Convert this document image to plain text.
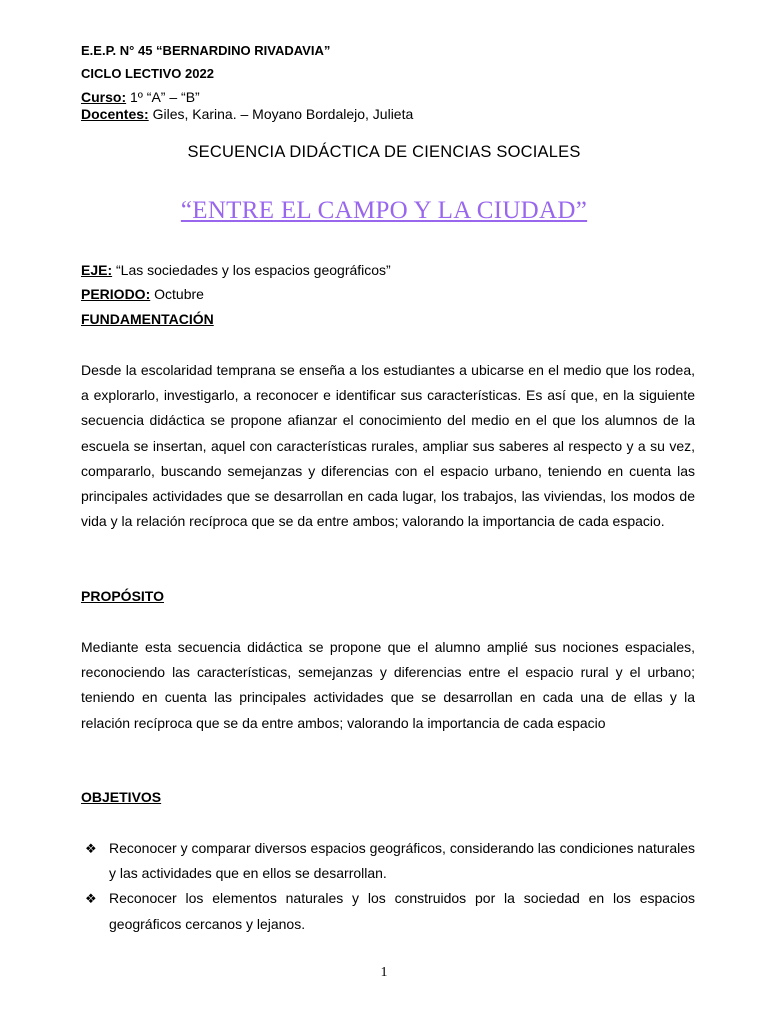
E.E.P. N° 45 “BERNARDINO RIVADAVIA”
CICLO LECTIVO 2022
Curso: 1º “A” – “B”
Docentes: Giles, Karina. – Moyano Bordalejo, Julieta
SECUENCIA DIDÁCTICA DE CIENCIAS SOCIALES
“ENTRE EL CAMPO Y LA CIUDAD”
EJE: “Las sociedades y los espacios geográficos”
PERIODO: Octubre
FUNDAMENTACIÓN
Desde la escolaridad temprana se enseña a los estudiantes a ubicarse en el medio que los rodea, a explorarlo, investigarlo, a reconocer e identificar sus características. Es así que, en la siguiente secuencia didáctica se propone afianzar el conocimiento del medio en el que los alumnos de la escuela se insertan, aquel con características rurales, ampliar sus saberes al respecto y a su vez, compararlo, buscando semejanzas y diferencias con el espacio urbano, teniendo en cuenta las principales actividades que se desarrollan en cada lugar, los trabajos, las viviendas, los modos de vida y la relación recíproca que se da entre ambos; valorando la importancia de cada espacio.
PROPÓSITO
Mediante esta secuencia didáctica se propone que el alumno amplié sus nociones espaciales, reconociendo las características, semejanzas y diferencias entre el espacio rural y el urbano; teniendo en cuenta las principales actividades que se desarrollan en cada una de ellas y la relación recíproca que se da entre ambos; valorando la importancia de cada espacio
OBJETIVOS
❖ Reconocer y comparar diversos espacios geográficos, considerando las condiciones naturales y las actividades que en ellos se desarrollan.
❖ Reconocer los elementos naturales y los construidos por la sociedad en los espacios geográficos cercanos y lejanos.
1
